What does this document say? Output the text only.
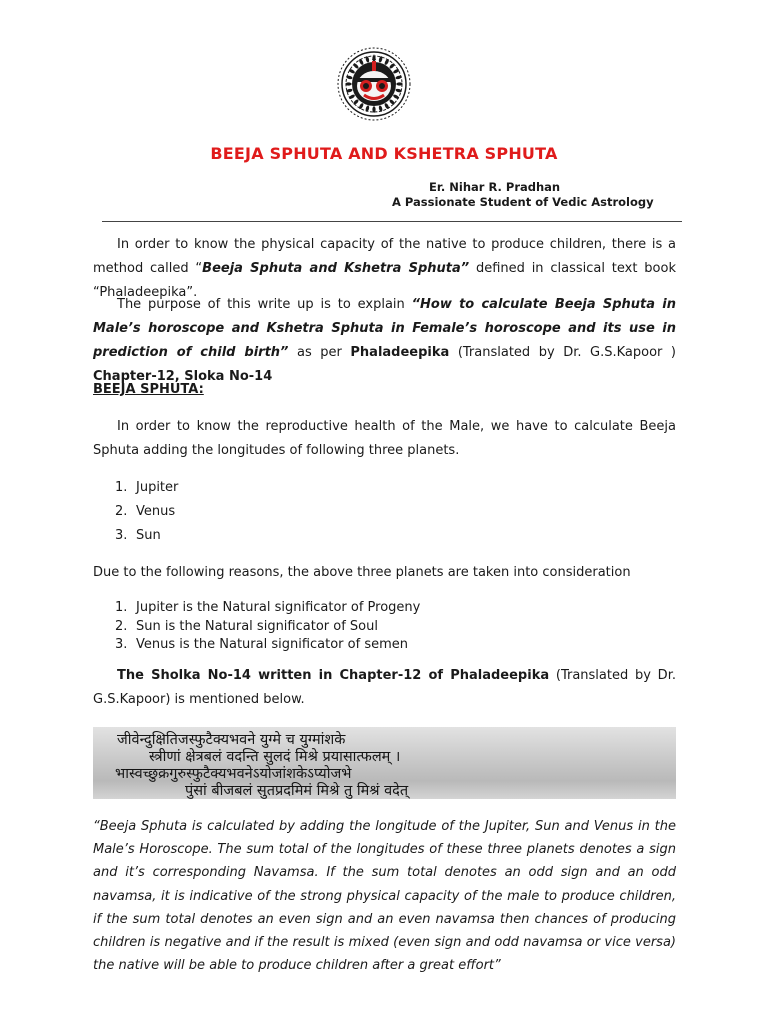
BEEJA SPHUTA AND KSHETRA SPHUTA
Er. Nihar R. Pradhan
A Passionate Student of Vedic Astrology
In order to know the physical capacity of the native to produce children, there is a method called “Beeja Sphuta and Kshetra Sphuta” defined in classical text book “Phaladeepika”.
The purpose of this write up is to explain “How to calculate Beeja Sphuta in Male’s horoscope and Kshetra Sphuta in Female’s horoscope and its use in prediction of child birth” as per Phaladeepika (Translated by Dr. G.S.Kapoor ) Chapter-12, Sloka No-14
BEEJA SPHUTA:
In order to know the reproductive health of the Male, we have to calculate Beeja Sphuta adding the longitudes of following three planets.
1. Jupiter
2. Venus
3. Sun
Due to the following reasons, the above three planets are taken into consideration
1. Jupiter is the Natural significator of Progeny
2. Sun is the Natural significator of Soul
3. Venus is the Natural significator of semen
The Sholka No-14 written in Chapter-12 of Phaladeepika (Translated by Dr. G.S.Kapoor) is mentioned below.
जीवेन्दुक्षितिजस्फुटैक्यभवने युग्मे च युग्मांशके
स्त्रीणां क्षेत्रबलं वदन्ति सुलदं मिश्रे प्रयासात्फलम् ।
भास्वच्छुक्रगुरुस्फुटैक्यभवनेऽयोजांशकेऽप्योजभे
पुंसां बीजबलं सुतप्रदमिमं मिश्रे तु मिश्रं वदेत्
“Beeja Sphuta is calculated by adding the longitude of the Jupiter, Sun and Venus in the Male’s Horoscope. The sum total of the longitudes of these three planets denotes a sign and it’s corresponding Navamsa. If the sum total denotes an odd sign and an odd navamsa, it is indicative of the strong physical capacity of the male to produce children, if the sum total denotes an even sign and an even navamsa then chances of producing children is negative and if the result is mixed (even sign and odd navamsa or vice versa) the native will be able to produce children after a great effort”
